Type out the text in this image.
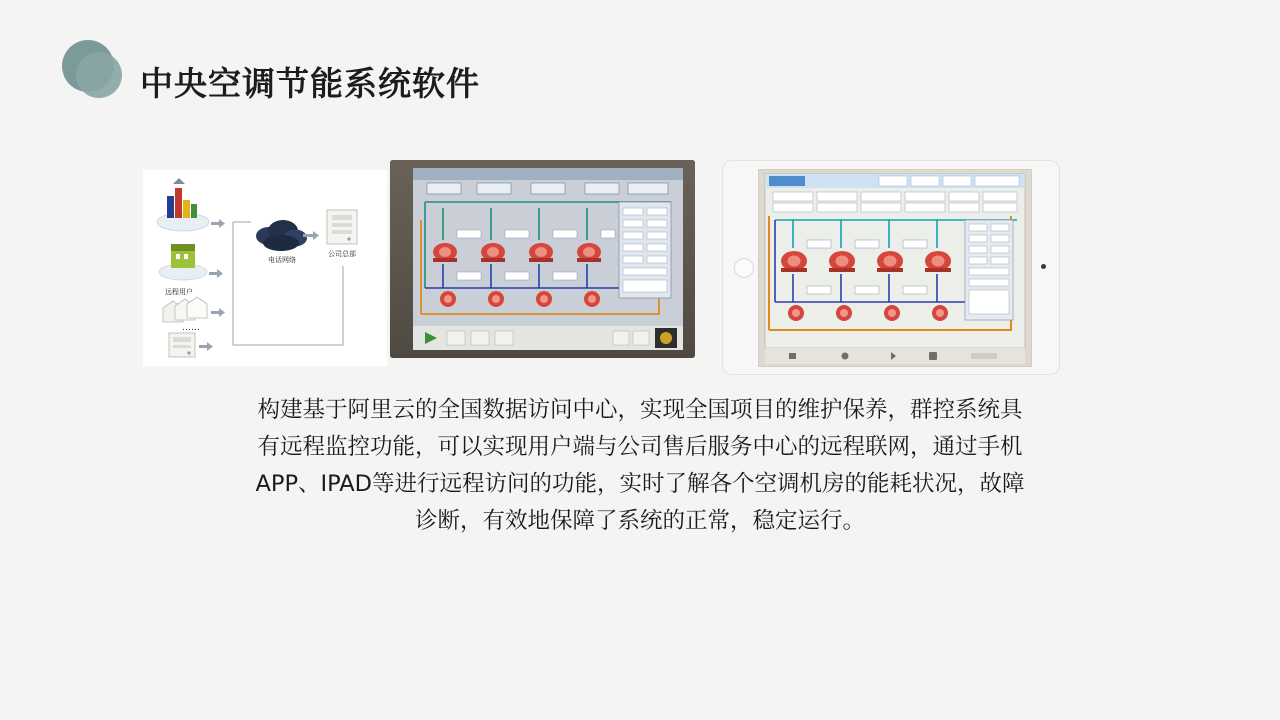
中央空调节能系统软件
电话网络
公司总部
远程用户
……

构建基于阿里云的全国数据访问中心，实现全国项目的维护保养，群控系统具

有远程监控功能，可以实现用户端与公司售后服务中心的远程联网，通过手机

APP、IPAD等进行远程访问的功能，实时了解各个空调机房的能耗状况，故障

诊断，有效地保障了系统的正常，稳定运行。
